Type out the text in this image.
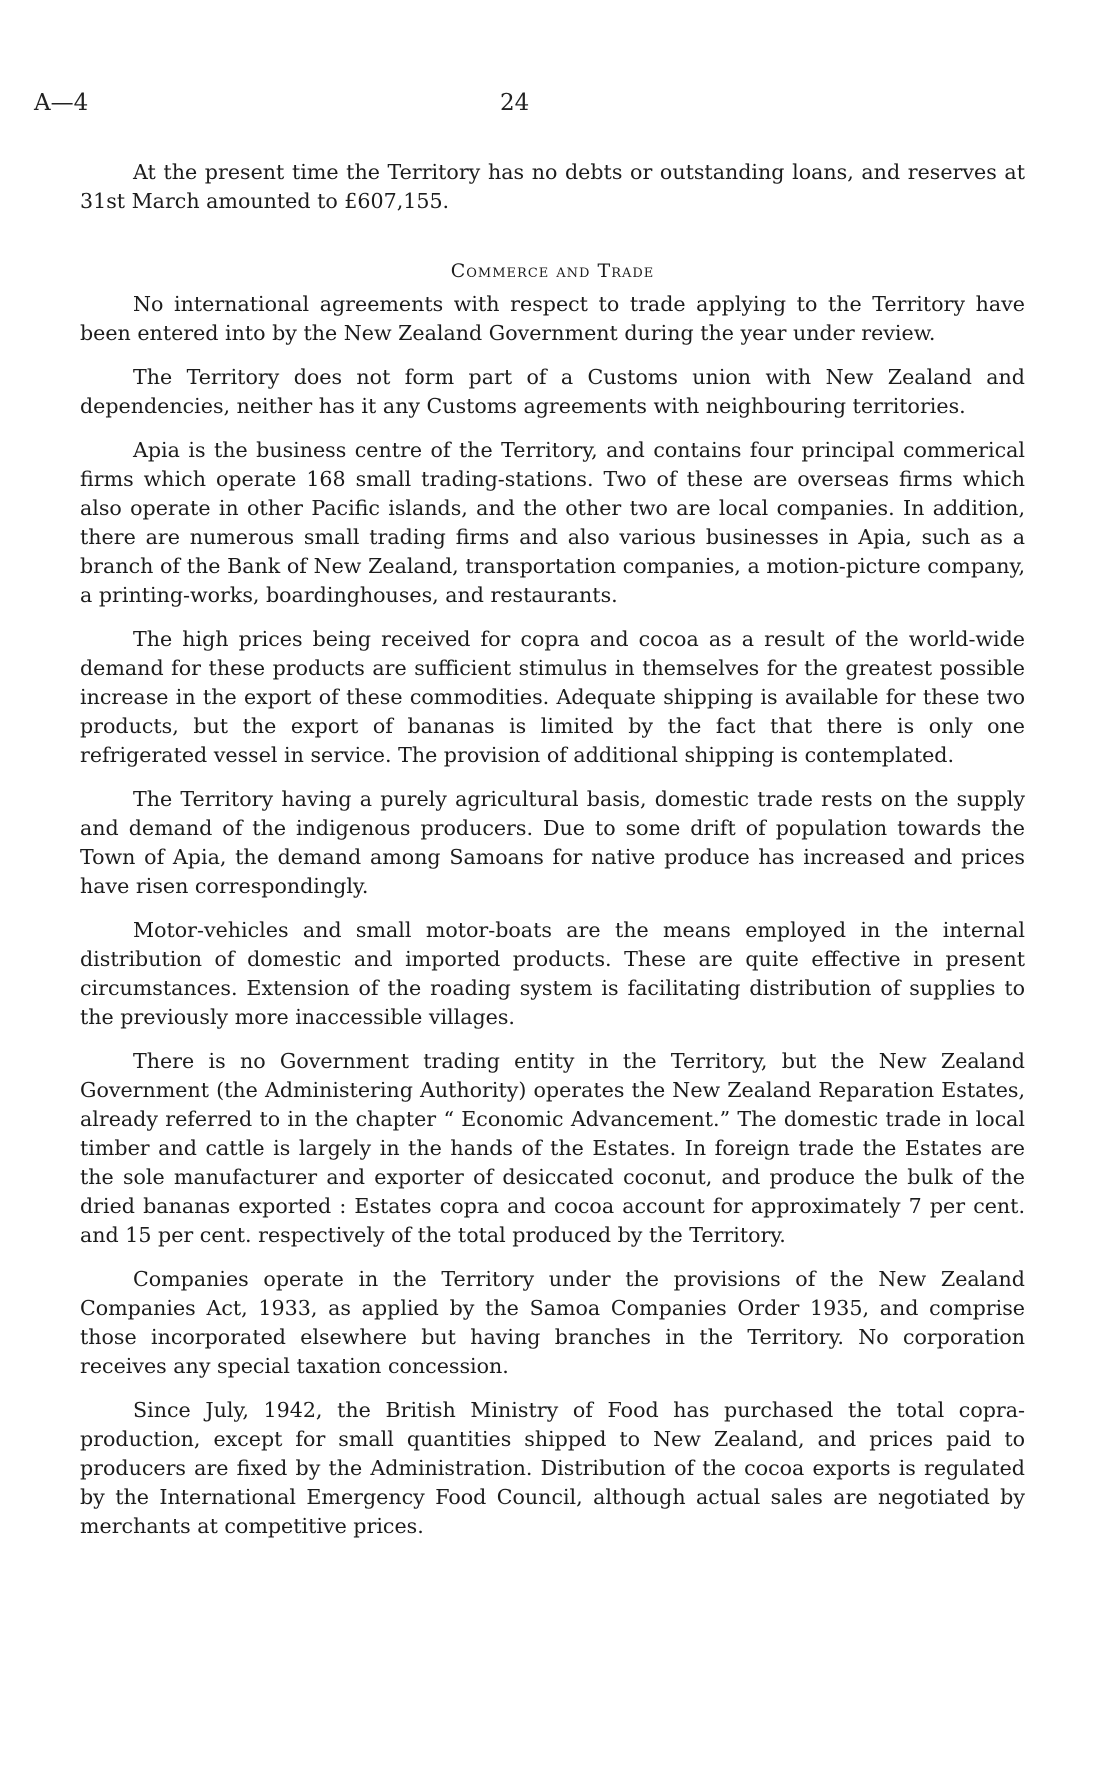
A—4	24

At the present time the Territory has no debts or outstanding loans, and reserves at 31st March amounted to £607,155.

Commerce and Trade

No international agreements with respect to trade applying to the Territory have been entered into by the New Zealand Government during the year under review.

The Territory does not form part of a Customs union with New Zealand and dependencies, neither has it any Customs agreements with neighbouring territories.

Apia is the business centre of the Territory, and contains four principal commerical firms which operate 168 small trading-stations. Two of these are overseas firms which also operate in other Pacific islands, and the other two are local companies. In addition, there are numerous small trading firms and also various businesses in Apia, such as a branch of the Bank of New Zealand, transportation companies, a motion-picture company, a printing-works, boardinghouses, and restaurants.

The high prices being received for copra and cocoa as a result of the world-wide demand for these products are sufficient stimulus in themselves for the greatest possible increase in the export of these commodities. Adequate shipping is available for these two products, but the export of bananas is limited by the fact that there is only one refrigerated vessel in service. The provision of additional shipping is contemplated.

The Territory having a purely agricultural basis, domestic trade rests on the supply and demand of the indigenous producers. Due to some drift of population towards the Town of Apia, the demand among Samoans for native produce has increased and prices have risen correspondingly.

Motor-vehicles and small motor-boats are the means employed in the internal distribution of domestic and imported products. These are quite effective in present circumstances. Extension of the roading system is facilitating distribution of supplies to the previously more inaccessible villages.

There is no Government trading entity in the Territory, but the New Zealand Government (the Administering Authority) operates the New Zealand Reparation Estates, already referred to in the chapter “ Economic Advancement.” The domestic trade in local timber and cattle is largely in the hands of the Estates. In foreign trade the Estates are the sole manufacturer and exporter of desiccated coconut, and produce the bulk of the dried bananas exported : Estates copra and cocoa account for approximately 7 per cent. and 15 per cent. respectively of the total produced by the Territory.

Companies operate in the Territory under the provisions of the New Zealand Companies Act, 1933, as applied by the Samoa Companies Order 1935, and comprise those incorporated elsewhere but having branches in the Territory. No corporation receives any special taxation concession.

Since July, 1942, the British Ministry of Food has purchased the total copra-production, except for small quantities shipped to New Zealand, and prices paid to producers are fixed by the Administration. Distribution of the cocoa exports is regulated by the International Emergency Food Council, although actual sales are negotiated by merchants at competitive prices.
